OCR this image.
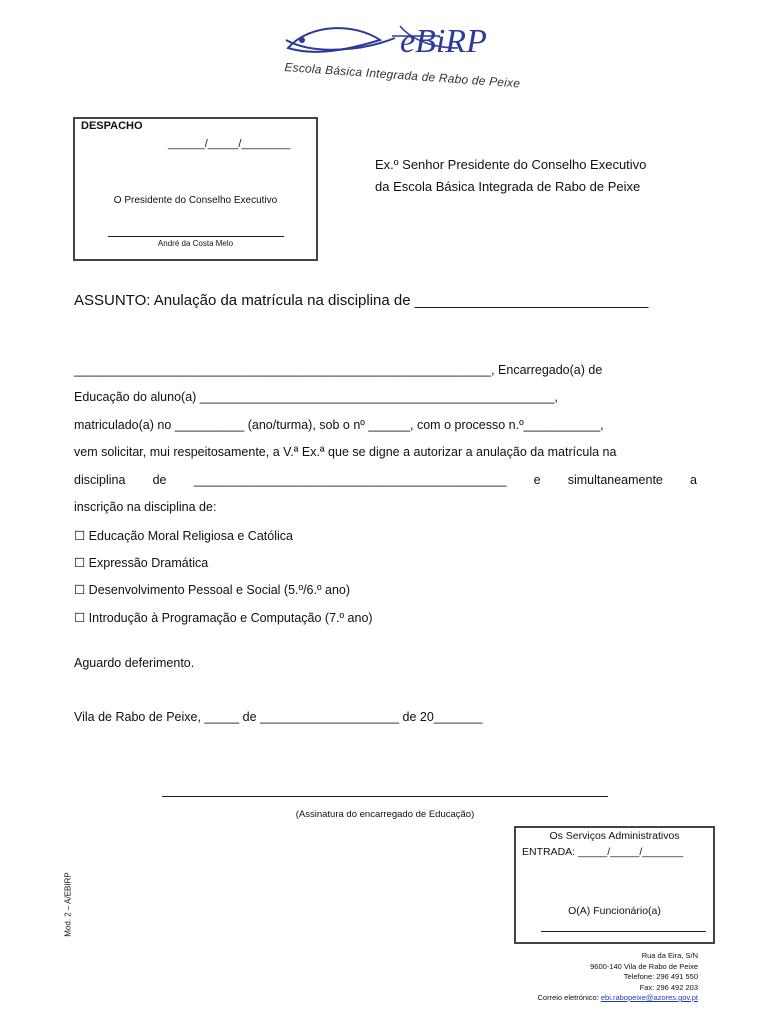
eBiRP
Escola Básica Integrada de Rabo de Peixe
DESPACHO
______/_____/________
O Presidente do Conselho Executivo
André da Costa Melo
Ex.º Senhor Presidente do Conselho Executivo
da Escola Básica Integrada de Rabo de Peixe
ASSUNTO: Anulação da matrícula na disciplina de ____________________________
____________________________________________________________, Encarregado(a) de
Educação do aluno(a) ___________________________________________________,
matriculado(a) no __________ (ano/turma), sob o nº ______, com o processo n.º___________,
vem solicitar, mui respeitosamente, a V.ª Ex.ª que se digne a autorizar a anulação da matrícula na
disciplina de _____________________________________________ e simultaneamente a
inscrição na disciplina de:
☐ Educação Moral Religiosa e Católica
☐ Expressão Dramática
☐ Desenvolvimento Pessoal e Social (5.º/6.º ano)
☐ Introdução à Programação e Computação (7.º ano)
Aguardo deferimento.
Vila de Rabo de Peixe, _____ de ____________________ de 20_______
(Assinatura do encarregado de Educação)
Os Serviços Administrativos
ENTRADA: _____/_____/_______
O(A) Funcionário(a)
Mod. 2 – A/EBIRP
Rua da Eira, S/N
9600-140 Vila de Rabo de Peixe
Telefone: 296 491 550
Fax: 296 492 203
Correio eletrónico: ebi.rabopeixe@azores.gov.pt
